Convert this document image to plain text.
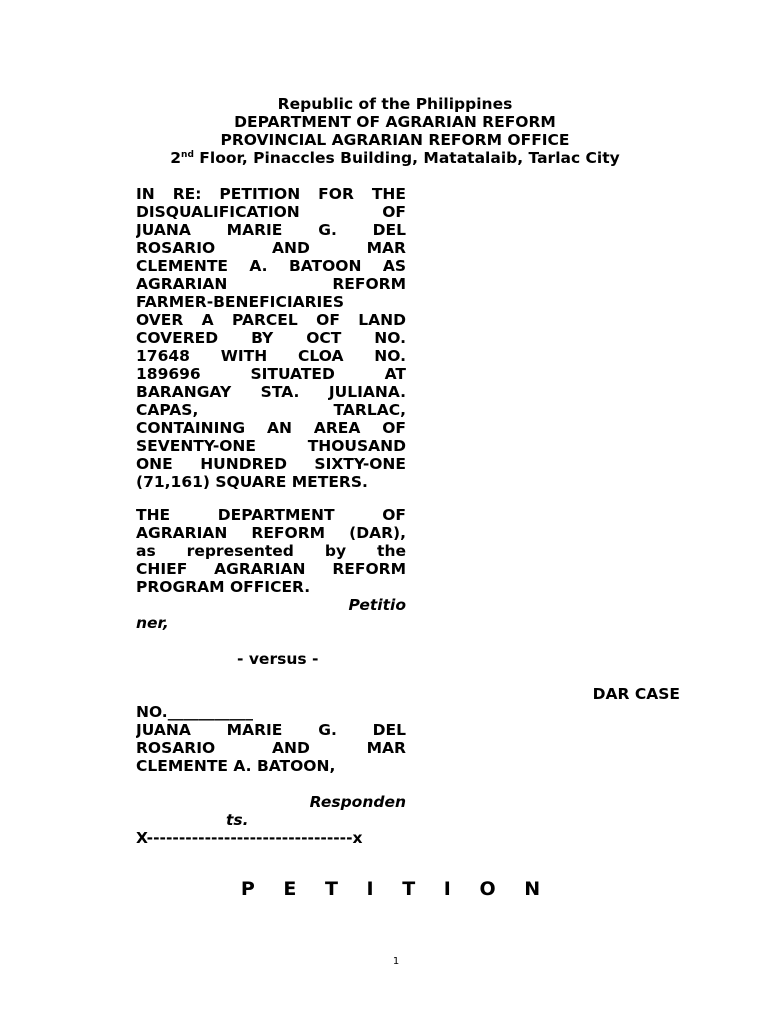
Republic of the Philippines
DEPARTMENT OF AGRARIAN REFORM
PROVINCIAL AGRARIAN REFORM OFFICE
2nd Floor, Pinaccles Building, Matatalaib, Tarlac City
IN RE: PETITION FOR THE
DISQUALIFICATION OF
JUANA MARIE G. DEL
ROSARIO AND MAR
CLEMENTE A. BATOON AS
AGRARIAN REFORM
FARMER-BENEFICIARIES
OVER A PARCEL OF LAND
COVERED BY OCT NO.
17648 WITH CLOA NO.
189696 SITUATED AT
BARANGAY STA. JULIANA.
CAPAS, TARLAC,
CONTAINING AN AREA OF
SEVENTY-ONE THOUSAND
ONE HUNDRED SIXTY-ONE
(71,161) SQUARE METERS.
THE DEPARTMENT OF
AGRARIAN REFORM (DAR),
as represented by the
CHIEF AGRARIAN REFORM
PROGRAM OFFICER.
Petitio
ner,
- versus -
DAR CASE
NO.___________
JUANA MARIE G. DEL
ROSARIO AND MAR
CLEMENTE A. BATOON,
Responden
ts.
X--------------------------------x
P E T I T I O N
1
